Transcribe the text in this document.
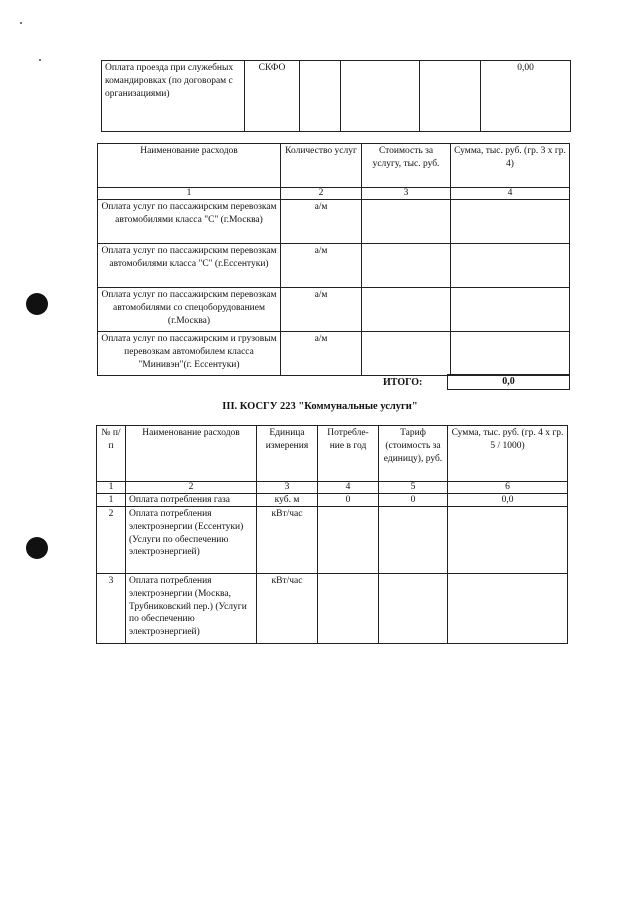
Оплата проезда при служебных командировках (по договорам с организациями)	СКФО				0,00
Наименование расходов	Количество услуг	Стоимость за услугу, тыс. руб.	Сумма, тыс. руб. (гр. 3 х гр. 4)
1	2	3	4
Оплата услуг по пассажирским перевозкам автомобилями класса "С" (г.Москва)	а/м		
Оплата услуг по пассажирским перевозкам автомобилями класса "С" (г.Ессентуки)	а/м		
Оплата услуг по пассажирским перевозкам автомобилями со спецоборудованием (г.Москва)	а/м		
Оплата услуг по пассажирским и грузовым перевозкам автомобилем класса "Минивэн"(г. Ессентуки)	а/м		
ИТОГО:	0,0
III. КОСГУ 223 "Коммунальные услуги"
№ п/п	Наименование расходов	Единица измерения	Потребле-ние в год	Тариф (стоимость за единицу), руб.	Сумма, тыс. руб. (гр. 4 х гр. 5 / 1000)
1	2	3	4	5	6
1	Оплата потребления газа	куб. м	0	0	0,0
2	Оплата потребления электроэнергии (Ессентуки) (Услуги по обеспечению электроэнергией)	кВт/час			
3	Оплата потребления электроэнергии (Москва, Трубниковский пер.) (Услуги по обеспечению электроэнергией)	кВт/час			
